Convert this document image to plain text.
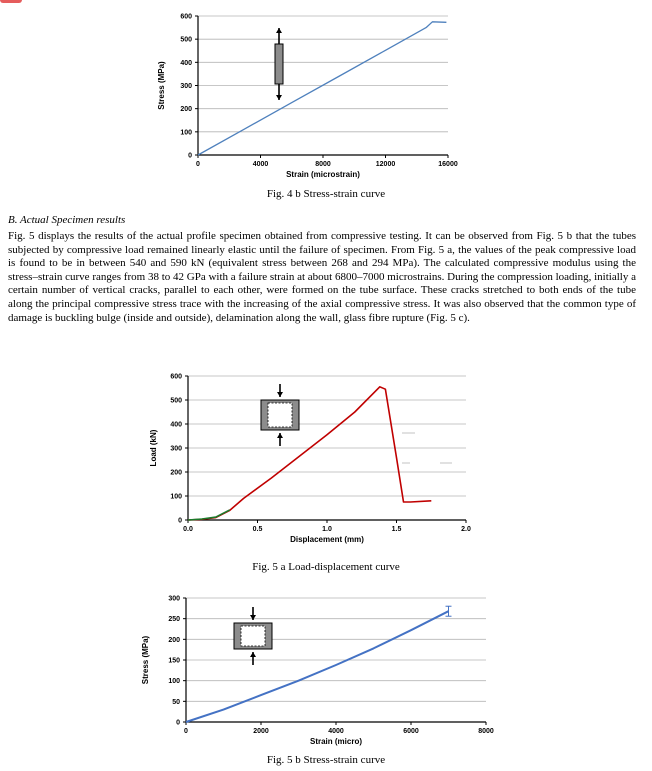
0
100
200
300
400
500
600
0	4000	8000	12000	16000
Strain (microstrain)
Stress (MPa)
Fig. 4 b Stress-strain curve
B. Actual Specimen results
Fig. 5 displays the results of the actual profile specimen obtained from compressive testing. It can be observed from Fig. 5 b that the tubes subjected by compressive load remained linearly elastic until the failure of specimen. From Fig. 5 a, the values of the peak compressive load is found to be in between 540 and 590 kN (equivalent stress between 268 and 294 MPa). The calculated compressive modulus using the stress–strain curve ranges from 38 to 42 GPa with a failure strain at about 6800–7000 microstrains. During the compression loading, initially a certain number of vertical cracks, parallel to each other, were formed on the tube surface. These cracks stretched to both ends of the tube along the principal compressive stress trace with the increasing of the axial compressive stress. It was also observed that the common type of damage is buckling bulge (inside and outside), delamination along the wall, glass fibre rupture (Fig. 5 c).
0
100
200
300
400
500
600
0.0	0.5	1.0	1.5	2.0
Displacement (mm)
Load (kN)
Fig. 5 a Load-displacement curve
0
50
100
150
200
250
300
0	2000	4000	6000	8000
Strain (micro)
Stress (MPa)
Fig. 5 b Stress-strain curve
